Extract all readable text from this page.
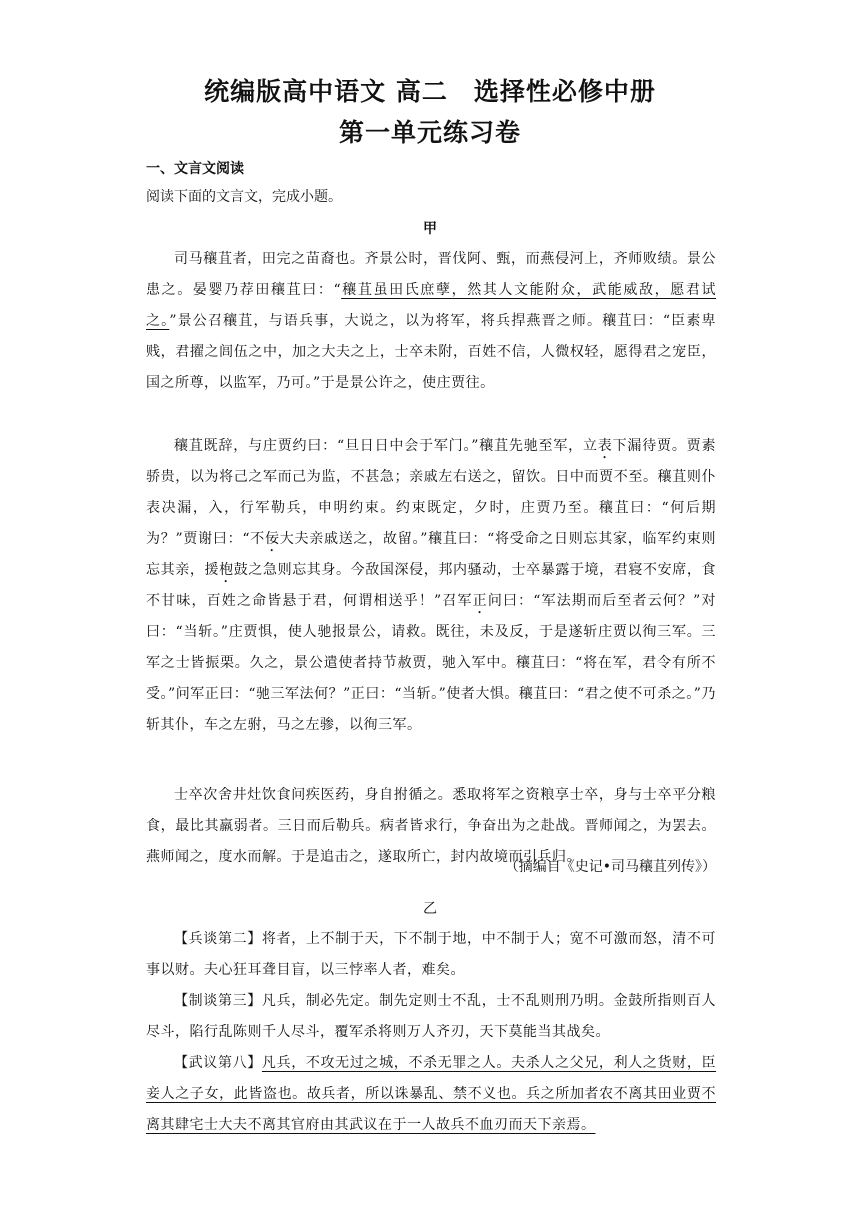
统编版高中语文 高二　选择性必修中册
第一单元练习卷
一、文言文阅读
阅读下面的文言文，完成小题。
甲

司马穰苴者，田完之苗裔也。齐景公时，晋伐阿、甄，而燕侵河上，齐师败绩。景公患之。晏婴乃荐田穰苴曰：“穰苴虽田氏庶孽，然其人文能附众，武能威敌，愿君试之。”景公召穰苴，与语兵事，大说之，以为将军，将兵捍燕晋之师。穰苴曰：“臣素卑贱，君擢之闾伍之中，加之大夫之上，士卒未附，百姓不信，人微权轻，愿得君之宠臣，国之所尊，以监军，乃可。”于是景公许之，使庄贾往。

穰苴既辞，与庄贾约曰：“旦日日中会于军门。”穰苴先驰至军，立表下漏待贾。贾素骄贵，以为将己之军而己为监，不甚急；亲戚左右送之，留饮。日中而贾不至。穰苴则仆表决漏，入，行军勒兵，申明约束。约束既定，夕时，庄贾乃至。穰苴曰：“何后期为？”贾谢曰：“不佞大夫亲戚送之，故留。”穰苴曰：“将受命之日则忘其家，临军约束则忘其亲，援枹鼓之急则忘其身。今敌国深侵，邦内骚动，士卒暴露于境，君寝不安席，食不甘味，百姓之命皆悬于君，何谓相送乎！”召军正问曰：“军法期而后至者云何？”对曰：“当斩。”庄贾惧，使人驰报景公，请救。既往，未及反，于是遂斩庄贾以徇三军。三军之士皆振栗。久之，景公遣使者持节赦贾，驰入军中。穰苴曰：“将在军，君令有所不受。”问军正曰：“驰三军法何？”正曰：“当斩。”使者大惧。穰苴曰：“君之使不可杀之。”乃斩其仆，车之左驸，马之左骖，以徇三军。

士卒次舍井灶饮食问疾医药，身自拊循之。悉取将军之资粮享士卒，身与士卒平分粮食，最比其羸弱者。三日而后勒兵。病者皆求行，争奋出为之赴战。晋师闻之，为罢去。燕师闻之，度水而解。于是追击之，遂取所亡，封内故境而引兵归。

（摘编自《史记•司马穰苴列传》）
乙

【兵谈第二】将者，上不制于天，下不制于地，中不制于人；宽不可激而怒，清不可事以财。夫心狂耳聋目盲，以三悖率人者，难矣。

【制谈第三】凡兵，制必先定。制先定则士不乱，士不乱则刑乃明。金鼓所指则百人尽斗，陷行乱陈则千人尽斗，覆军杀将则万人齐刃，天下莫能当其战矣。

【武议第八】凡兵，不攻无过之城，不杀无罪之人。夫杀人之父兄，利人之货财，臣妾人之子女，此皆盗也。故兵者，所以诛暴乱、禁不义也。兵之所加者农不离其田业贾不离其肆宅士大夫不离其官府由其武议在于一人故兵不血刃而天下亲焉。
